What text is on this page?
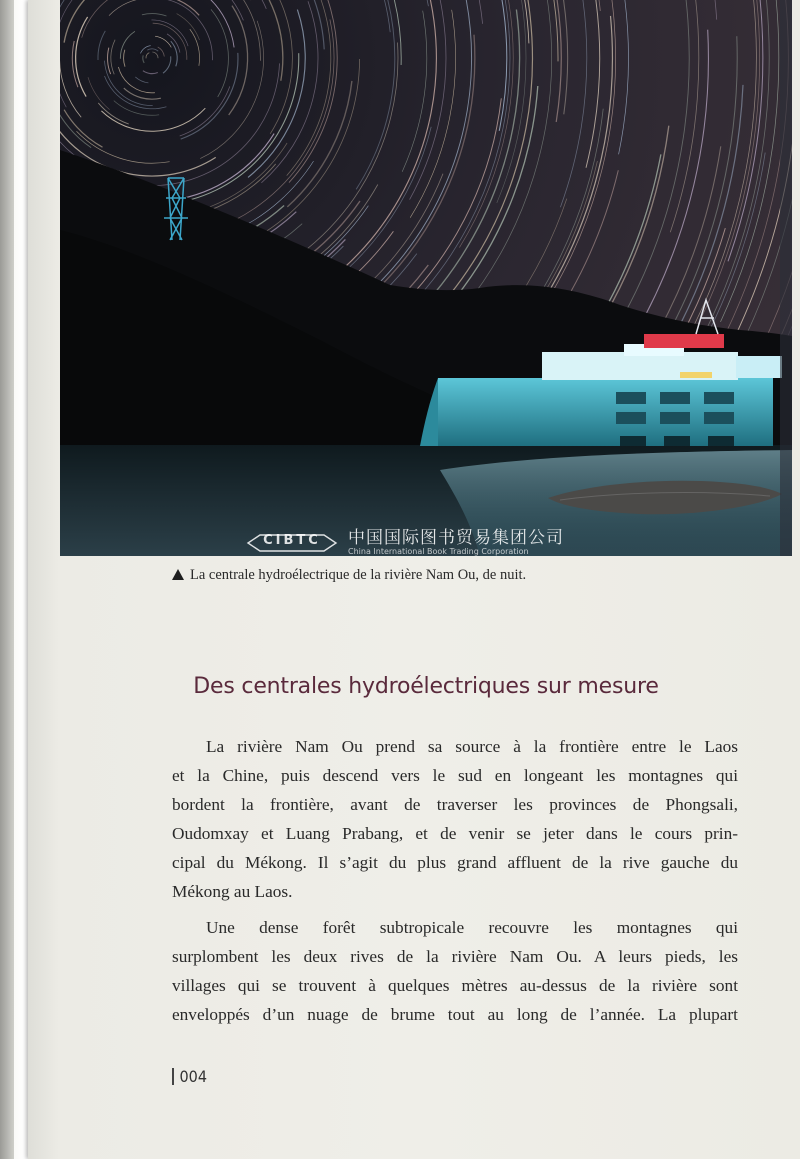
CIBTC	中国国际图书贸易集团公司
China International Book Trading Corporation
La centrale hydroélectrique de la rivière Nam Ou, de nuit.
Des centrales hydroélectriques sur mesure
La rivière Nam Ou prend sa source à la frontière entre le Laos
et la Chine, puis descend vers le sud en longeant les montagnes qui
bordent la frontière, avant de traverser les provinces de Phongsali,
Oudomxay et Luang Prabang, et de venir se jeter dans le cours prin-
cipal du Mékong. Il s’agit du plus grand affluent de la rive gauche du
Mékong au Laos.
Une dense forêt subtropicale recouvre les montagnes qui
surplombent les deux rives de la rivière Nam Ou. A leurs pieds, les
villages qui se trouvent à quelques mètres au-dessus de la rivière sont
enveloppés d’un nuage de brume tout au long de l’année. La plupart
004
